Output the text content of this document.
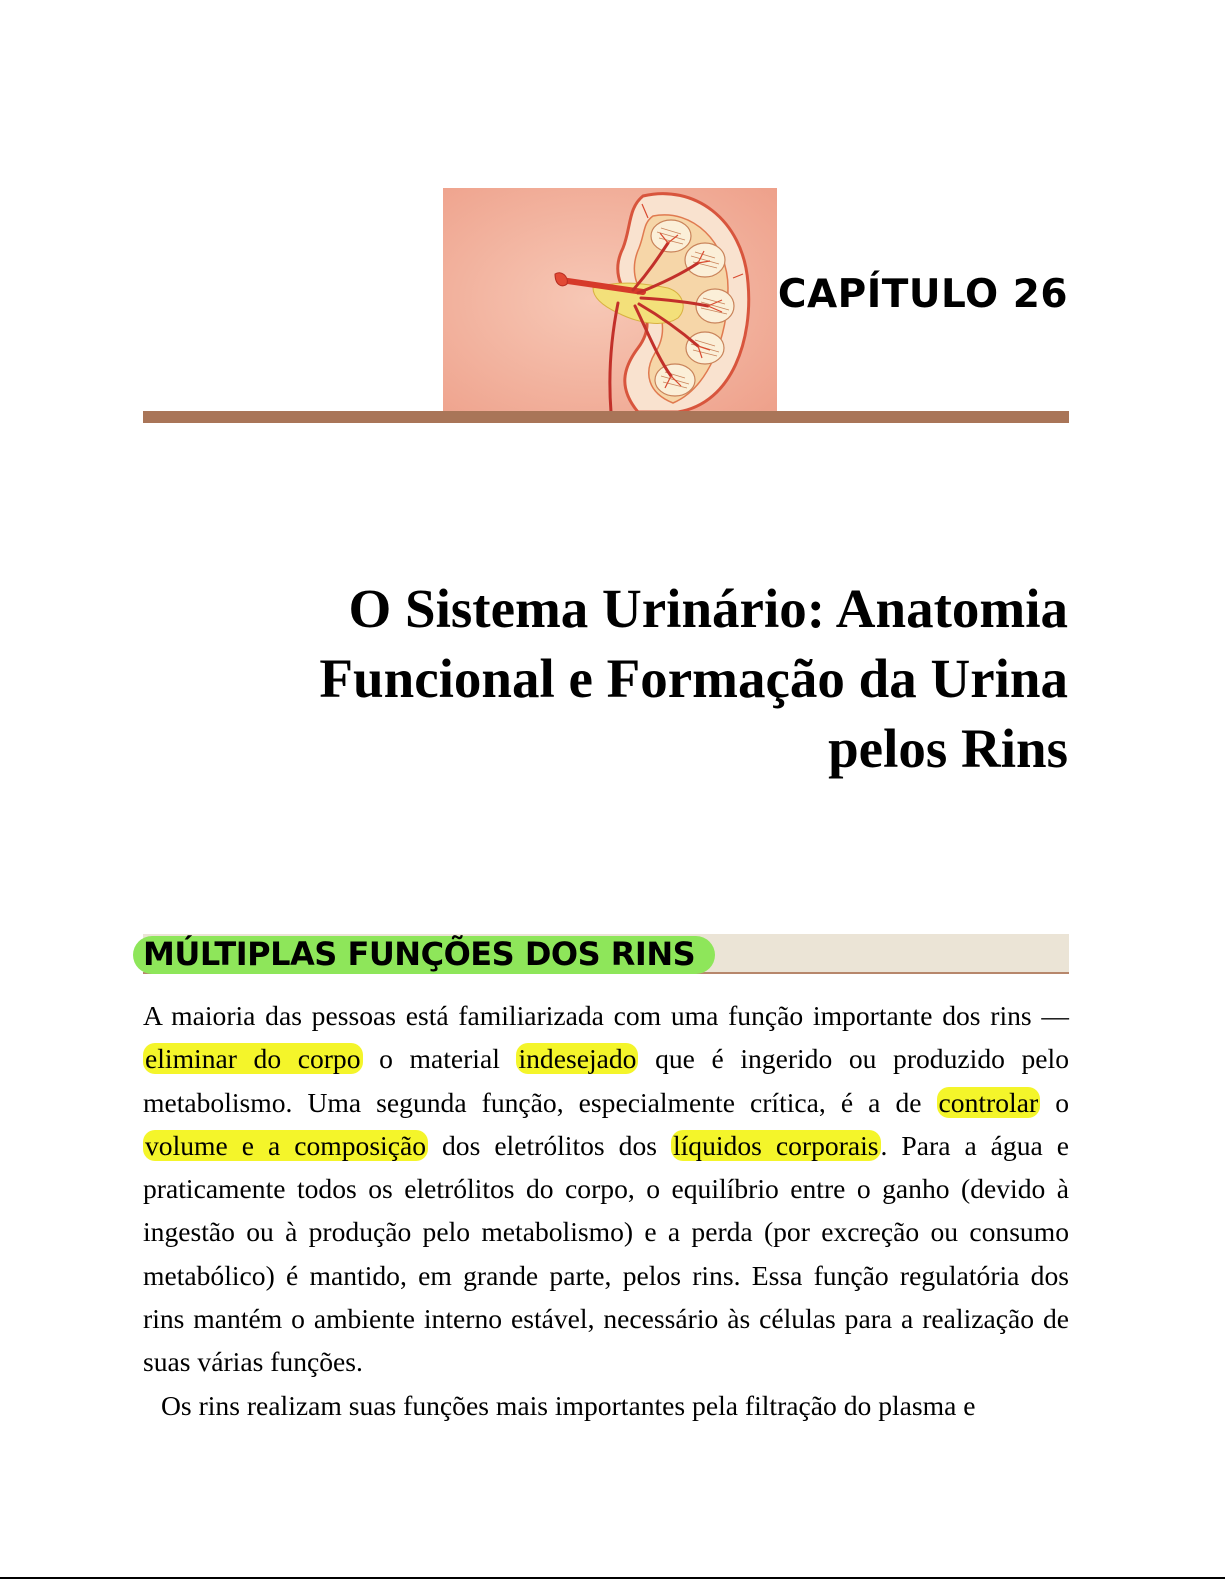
CAPÍTULO 26
O Sistema Urinário: Anatomia
Funcional e Formação da Urina
pelos Rins
MÚLTIPLAS FUNÇÕES DOS RINS

A maioria das pessoas está familiarizada com uma função importante dos rins — eliminar do corpo o material indesejado que é ingerido ou produzido pelo metabolismo. Uma segunda função, especialmente crítica, é a de controlar o volume e a composição dos eletrólitos dos líquidos corporais. Para a água e praticamente todos os eletrólitos do corpo, o equilíbrio entre o ganho (devido à ingestão ou à produção pelo metabolismo) e a perda (por excreção ou consumo metabólico) é mantido, em grande parte, pelos rins. Essa função regulatória dos rins mantém o ambiente interno estável, necessário às células para a realização de suas várias funções.

Os rins realizam suas funções mais importantes pela filtração do plasma e
